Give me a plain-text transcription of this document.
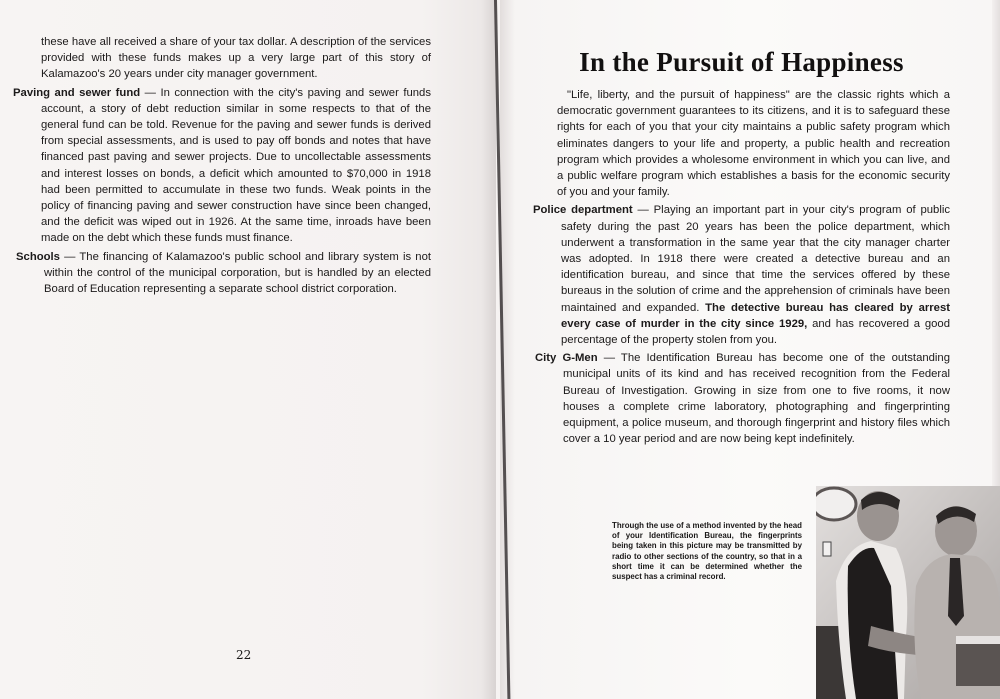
these have all received a share of your tax dollar. A description of the services provided with these funds makes up a very large part of this story of Kalamazoo's 20 years under city manager government.

Paving and sewer fund — In connection with the city's paving and sewer funds account, a story of debt reduction similar in some respects to that of the general fund can be told. Revenue for the paving and sewer funds is derived from special assessments, and is used to pay off bonds and notes that have financed past paving and sewer projects. Due to uncollectable assessments and interest losses on bonds, a deficit which amounted to $70,000 in 1918 had been permitted to accumulate in these two funds. Weak points in the policy of financing paving and sewer construction have since been changed, and the deficit was wiped out in 1926. At the same time, inroads have been made on the debt which these funds must finance.

Schools — The financing of Kalamazoo's public school and library system is not within the control of the municipal corporation, but is handled by an elected Board of Education representing a separate school district corporation.

22
In the Pursuit of Happiness

"Life, liberty, and the pursuit of happiness" are the classic rights which a democratic government guarantees to its citizens, and it is to safeguard these rights for each of you that your city maintains a public safety program which eliminates dangers to your life and property, a public health and recreation program which provides a wholesome environment in which you can live, and a public welfare program which establishes a basis for the economic security of you and your family.

Police department — Playing an important part in your city's program of public safety during the past 20 years has been the police department, which underwent a transformation in the same year that the city manager charter was adopted. In 1918 there were created a detective bureau and an identification bureau, and since that time the services offered by these bureaus in the solution of crime and the apprehension of criminals have been maintained and expanded. The detective bureau has cleared by arrest every case of murder in the city since 1929, and has recovered a good percentage of the property stolen from you.

City G-Men — The Identification Bureau has become one of the outstanding municipal units of its kind and has received recognition from the Federal Bureau of Investigation. Growing in size from one to five rooms, it now houses a complete crime laboratory, photographing and fingerprinting equipment, a police museum, and thorough fingerprint and history files which cover a 10 year period and are now being kept indefinitely.

Through the use of a method invented by the head of your Identification Bureau, the fingerprints being taken in this picture may be transmitted by radio to other sections of the country, so that in a short time it can be determined whether the suspect has a criminal record.
